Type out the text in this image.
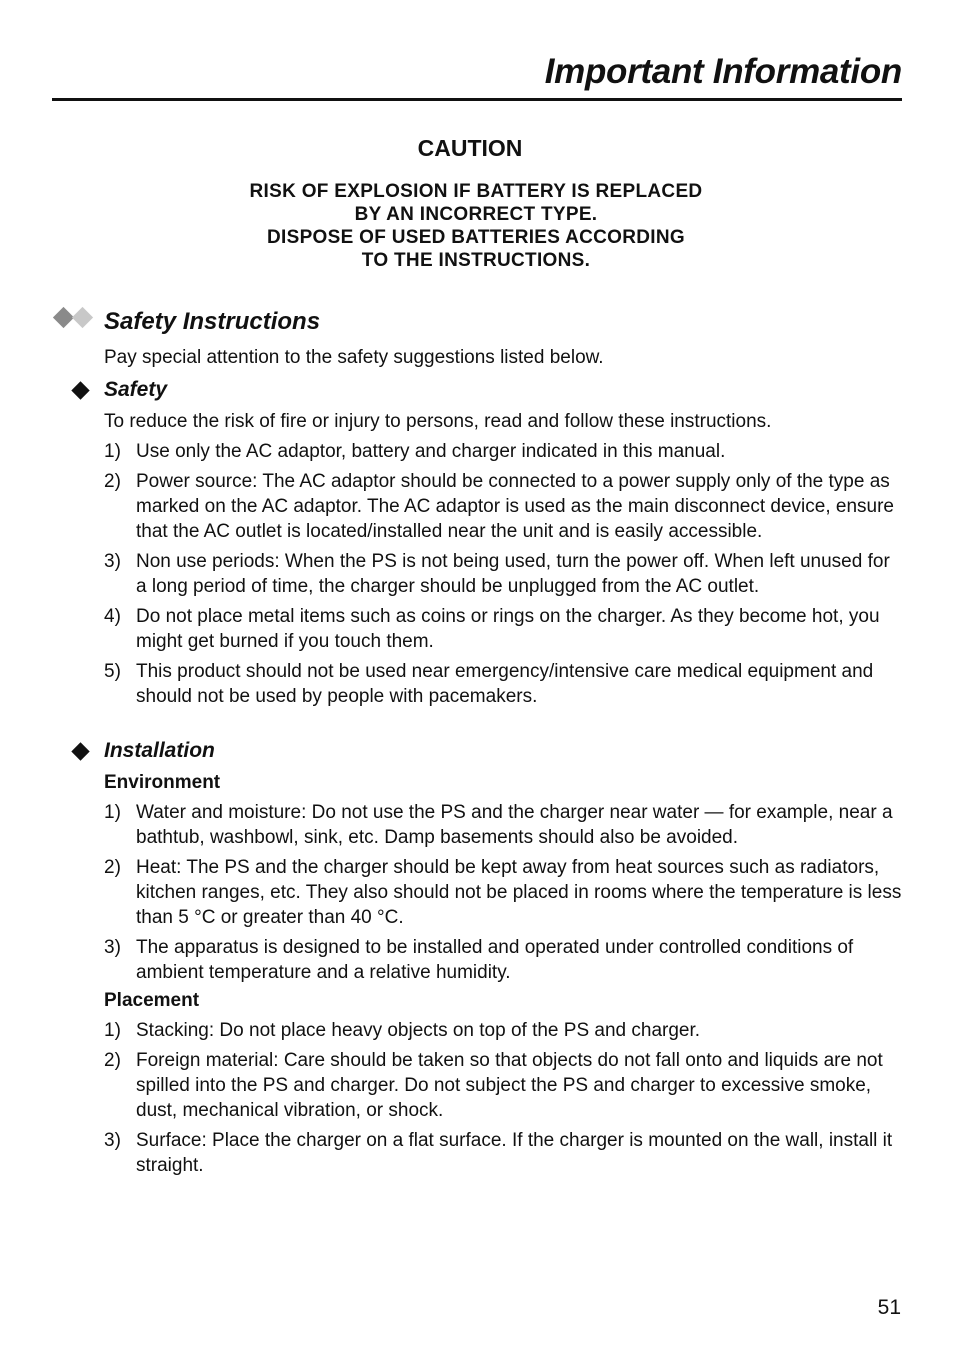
Important Information
CAUTION
RISK OF EXPLOSION IF BATTERY IS REPLACED
BY AN INCORRECT TYPE.
DISPOSE OF USED BATTERIES ACCORDING
TO THE INSTRUCTIONS.
Safety Instructions

Pay special attention to the safety suggestions listed below.

Safety

To reduce the risk of fire or injury to persons, read and follow these instructions.

1) Use only the AC adaptor, battery and charger indicated in this manual.
2) Power source: The AC adaptor should be connected to a power supply only of the type as marked on the AC adaptor. The AC adaptor is used as the main disconnect device, ensure that the AC outlet is located/installed near the unit and is easily accessible.
3) Non use periods: When the PS is not being used, turn the power off. When left unused for a long period of time, the charger should be unplugged from the AC outlet.
4) Do not place metal items such as coins or rings on the charger. As they become hot, you might get burned if you touch them.
5) This product should not be used near emergency/intensive care medical equipment and should not be used by people with pacemakers.
Installation

Environment

1) Water and moisture: Do not use the PS and the charger near water — for example, near a bathtub, washbowl, sink, etc. Damp basements should also be avoided.
2) Heat: The PS and the charger should be kept away from heat sources such as radiators, kitchen ranges, etc. They also should not be placed in rooms where the temperature is less than 5 °C or greater than 40 °C.
3) The apparatus is designed to be installed and operated under controlled conditions of ambient temperature and a relative humidity.

Placement

1) Stacking: Do not place heavy objects on top of the PS and charger.
2) Foreign material: Care should be taken so that objects do not fall onto and liquids are not spilled into the PS and charger. Do not subject the PS and charger to excessive smoke, dust, mechanical vibration, or shock.
3) Surface: Place the charger on a flat surface. If the charger is mounted on the wall, install it straight.
51
